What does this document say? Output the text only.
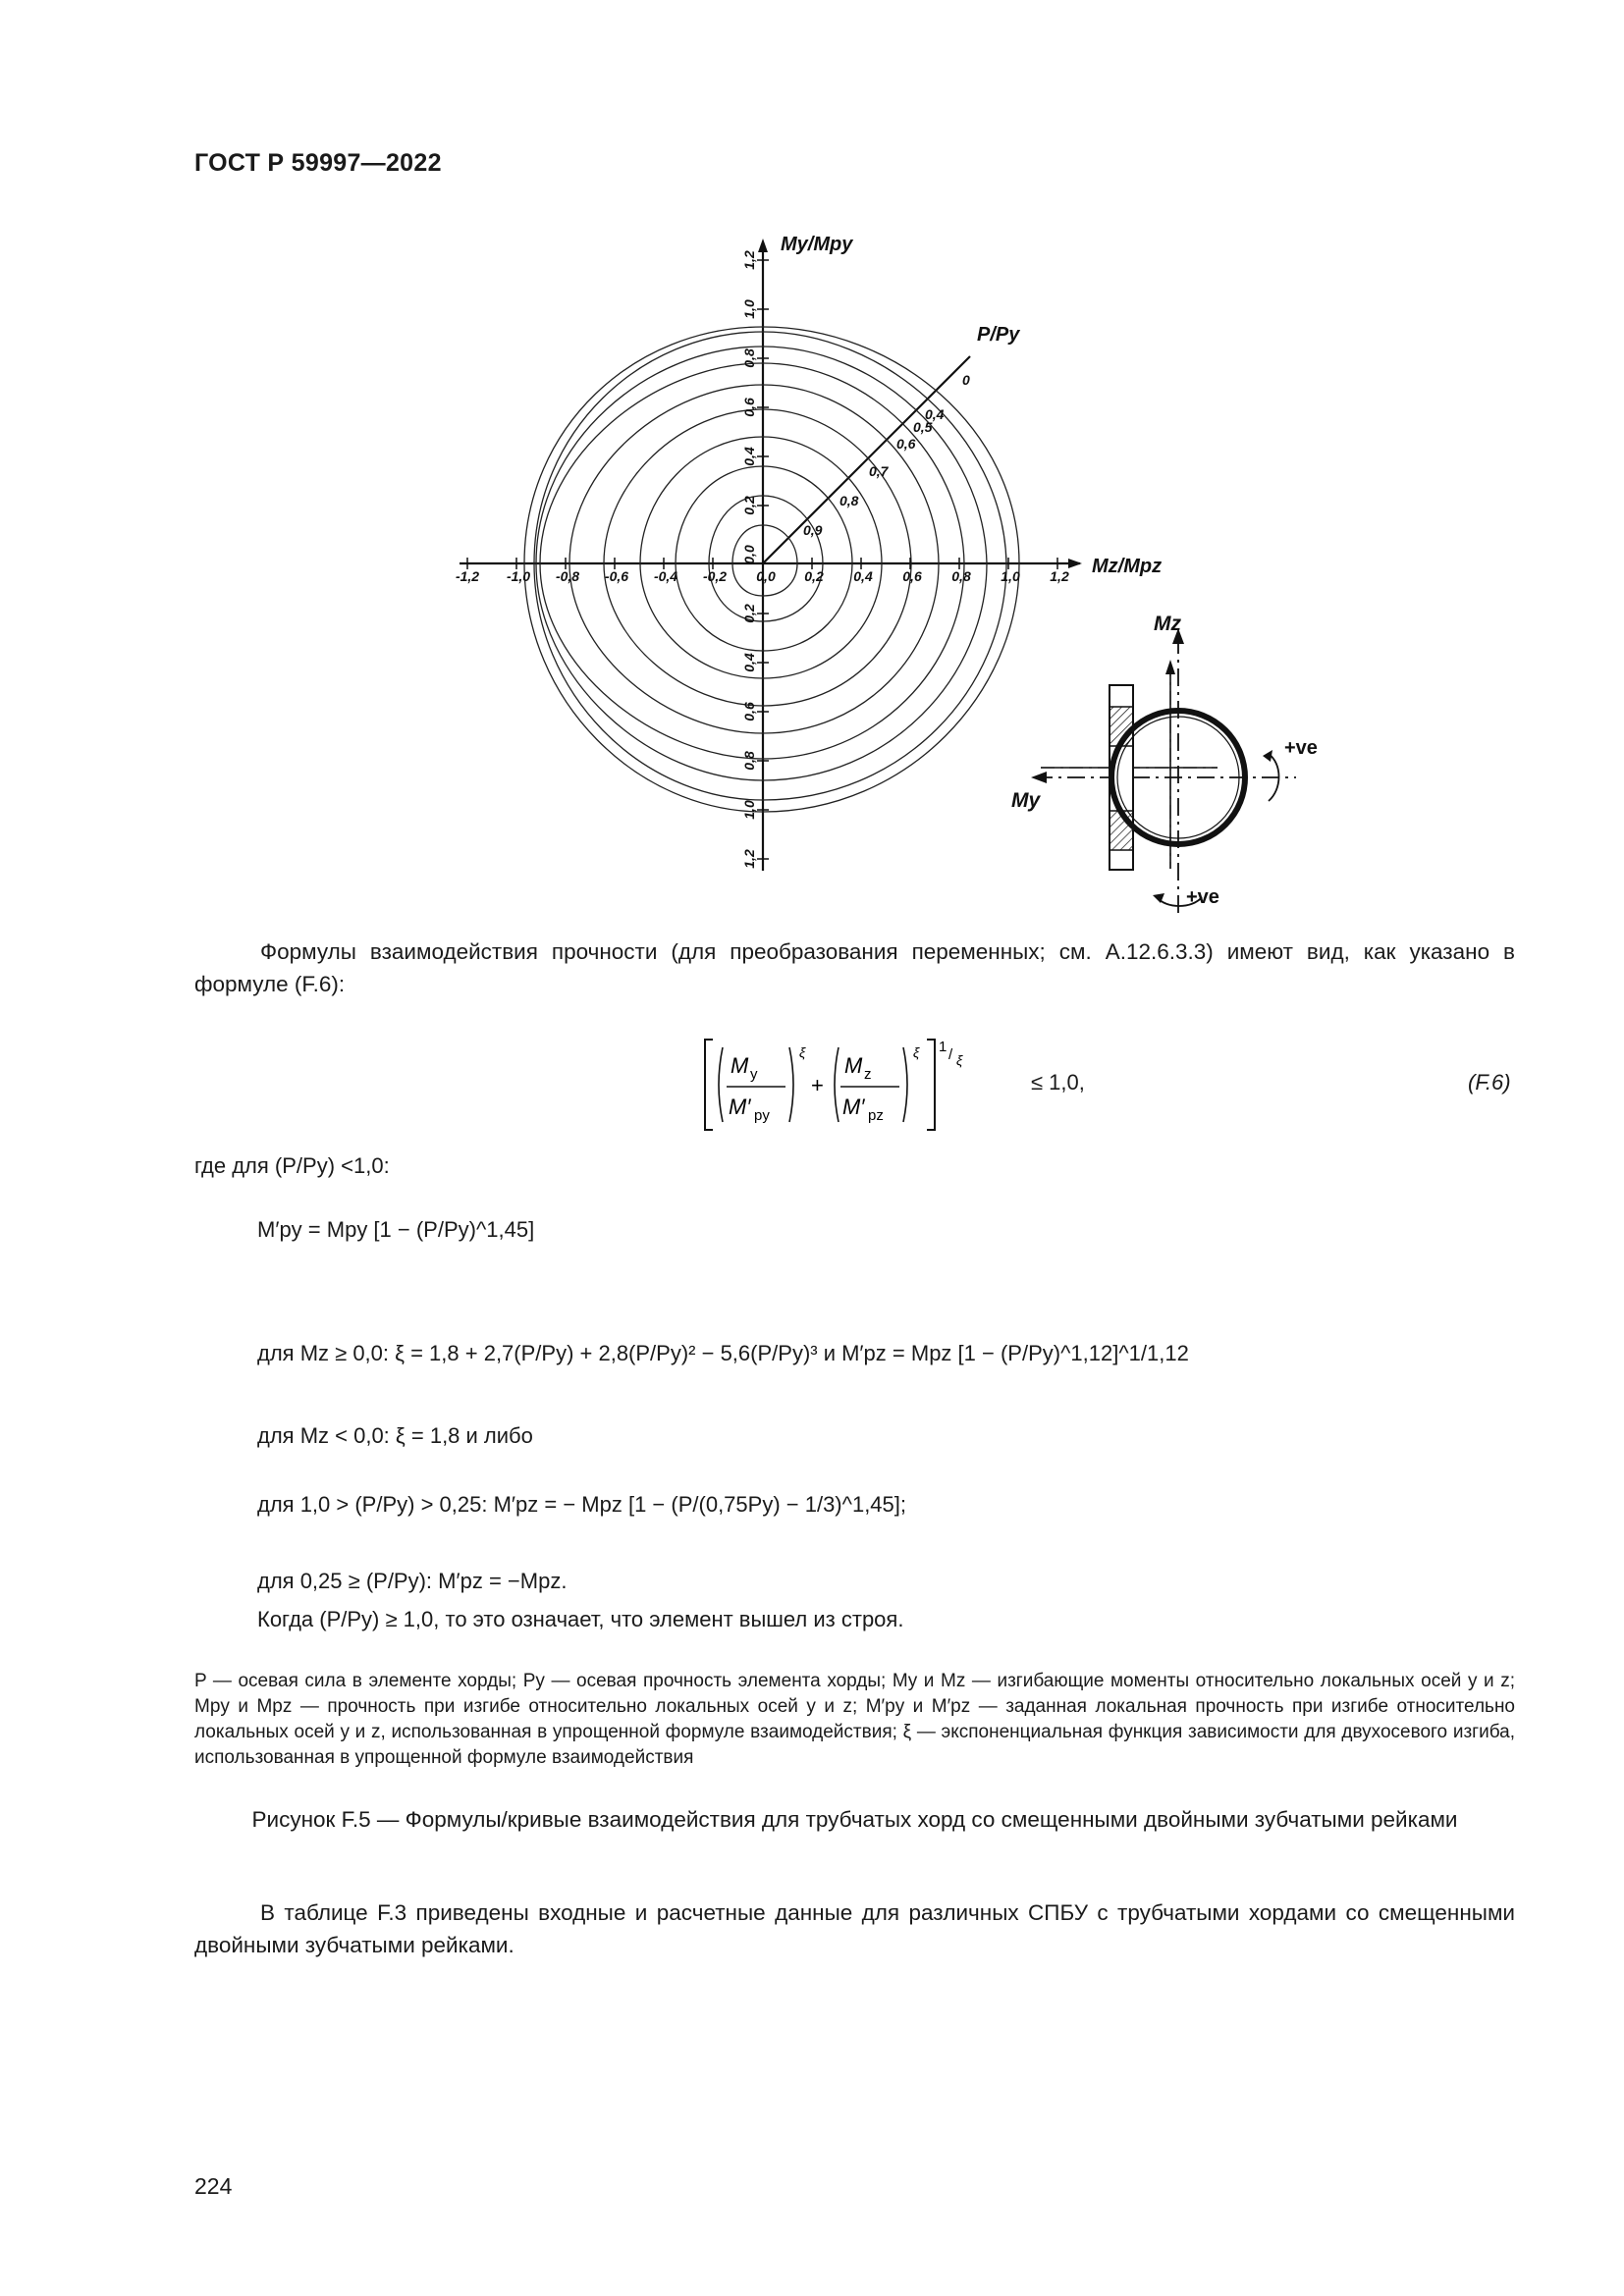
ГОСТ Р 59997—2022
-1,2 -1,0 -0,8 -0,6 -0,4 -0,2 0,0 0,2 0,4 0,6 0,8 1,0 1,2
1,2
1,0
0,8
0,6
0,4
0,2
0,0
0,2
0,4
0,6
0,8
1,0
1,2
My/Mpy
Mz/Mpz
P/Py
0
0,4
0,5
0,6
0,7
0,8
0,9
Mz
My
+ve
+ve
Формулы взаимодействия прочности (для преобразования переменных; см. А.12.6.3.3) имеют вид, как указано в формуле (F.6):
M y
M′ py
ξ
+
M z
M′ pz
ξ 1 / ξ
≤ 1,0,	(F.6)
где для (P/Py) <1,0:
M′py = Mpy [1 − (P/Py)^1,45]
для Mz ≥ 0,0: ξ = 1,8 + 2,7(P/Py) + 2,8(P/Py)² − 5,6(P/Py)³ и M′pz = Mpz [1 − (P/Py)^1,12]^1/1,12
для Mz < 0,0: ξ = 1,8 и либо
для 1,0 > (P/Py) > 0,25: M′pz = − Mpz [1 − (P/(0,75Py) − 1/3)^1,45];
для 0,25 ≥ (P/Py): M′pz = −Mpz.
Когда (P/Py) ≥ 1,0, то это означает, что элемент вышел из строя.
P — осевая сила в элементе хорды; Py — осевая прочность элемента хорды; My и Mz — изгибающие моменты относительно локальных осей y и z; Mpy и Mpz — прочность при изгибе относительно локальных осей y и z; M′py и M′pz — заданная локальная прочность при изгибе относительно локальных осей y и z, использованная в упрощенной формуле взаимодействия; ξ — экспоненциальная функция зависимости для двухосевого изгиба, использованная в упрощенной формуле взаимодействия
Рисунок F.5 — Формулы/кривые взаимодействия для трубчатых хорд со смещенными двойными зубчатыми рейками
В таблице F.3 приведены входные и расчетные данные для различных СПБУ с трубчатыми хордами со смещенными двойными зубчатыми рейками.
224
